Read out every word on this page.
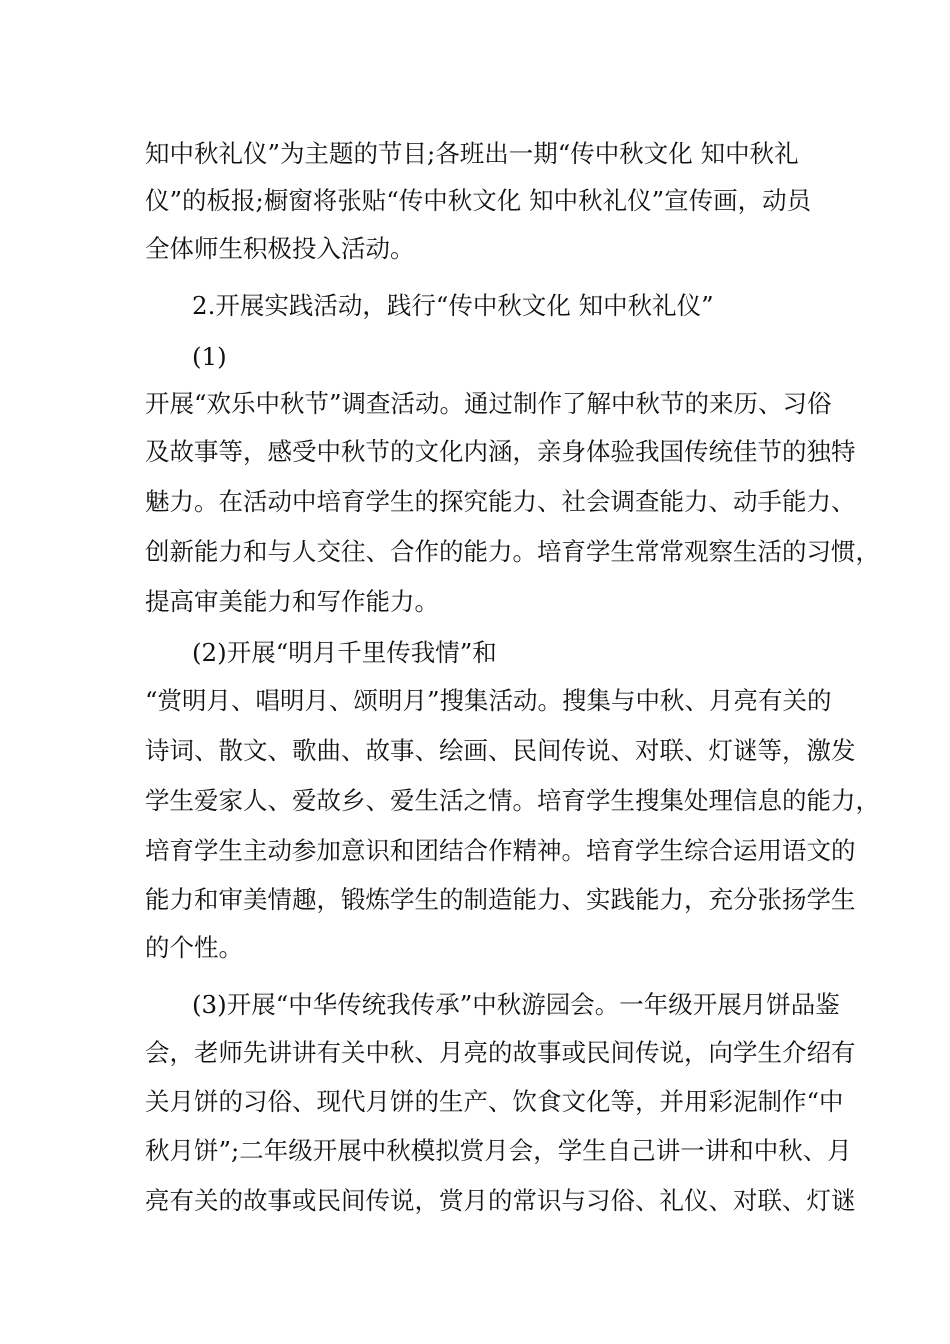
知中秋礼仪”为主题的节目;各班出一期“传中秋文化 知中秋礼
仪”的板报;橱窗将张贴“传中秋文化 知中秋礼仪”宣传画，动员
全体师生积极投入活动。
2.开展实践活动，践行“传中秋文化 知中秋礼仪”
(1)
开展“欢乐中秋节”调查活动。通过制作了解中秋节的来历、习俗
及故事等，感受中秋节的文化内涵，亲身体验我国传统佳节的独特
魅力。在活动中培育学生的探究能力、社会调查能力、动手能力、
创新能力和与人交往、合作的能力。培育学生常常观察生活的习惯，
提高审美能力和写作能力。
(2)开展“明月千里传我情”和
“赏明月、唱明月、颂明月”搜集活动。搜集与中秋、月亮有关的
诗词、散文、歌曲、故事、绘画、民间传说、对联、灯谜等，激发
学生爱家人、爱故乡、爱生活之情。培育学生搜集处理信息的能力，
培育学生主动参加意识和团结合作精神。培育学生综合运用语文的
能力和审美情趣，锻炼学生的制造能力、实践能力，充分张扬学生
的个性。
(3)开展“中华传统我传承”中秋游园会。一年级开展月饼品鉴
会，老师先讲讲有关中秋、月亮的故事或民间传说，向学生介绍有
关月饼的习俗、现代月饼的生产、饮食文化等，并用彩泥制作“中
秋月饼”;二年级开展中秋模拟赏月会，学生自己讲一讲和中秋、月
亮有关的故事或民间传说，赏月的常识与习俗、礼仪、对联、灯谜
